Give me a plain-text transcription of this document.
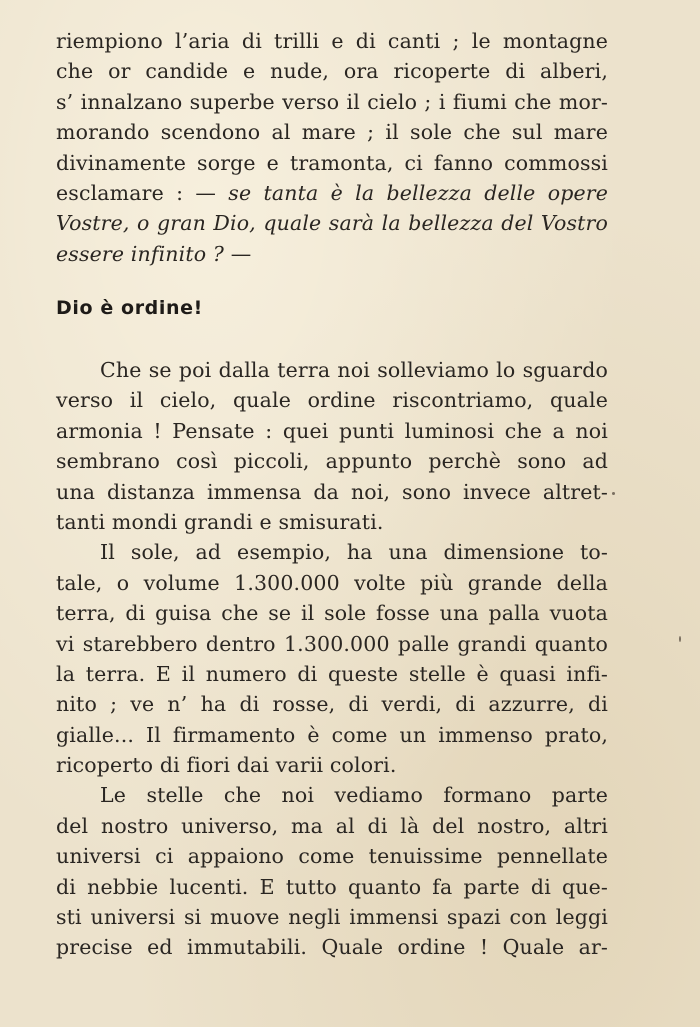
riempiono l’aria di trilli e di canti ; le montagne
che or candide e nude, ora ricoperte di alberi,
s’ innalzano superbe verso il cielo ; i fiumi che mor-
morando scendono al mare ; il sole che sul mare
divinamente sorge e tramonta, ci fanno commossi
esclamare : — se tanta è la bellezza delle opere
Vostre, o gran Dio, quale sarà la bellezza del Vostro
essere infinito ? —
Dio è ordine!
Che se poi dalla terra noi solleviamo lo sguardo
verso il cielo, quale ordine riscontriamo, quale
armonia ! Pensate : quei punti luminosi che a noi
sembrano così piccoli, appunto perchè sono ad
una distanza immensa da noi, sono invece altret-
tanti mondi grandi e smisurati.
Il sole, ad esempio, ha una dimensione to-
tale, o volume 1.300.000 volte più grande della
terra, di guisa che se il sole fosse una palla vuota
vi starebbero dentro 1.300.000 palle grandi quanto
la terra. E il numero di queste stelle è quasi infi-
nito ; ve n’ ha di rosse, di verdi, di azzurre, di
gialle... Il firmamento è come un immenso prato,
ricoperto di fiori dai varii colori.
Le stelle che noi vediamo formano parte
del nostro universo, ma al di là del nostro, altri
universi ci appaiono come tenuissime pennellate
di nebbie lucenti. E tutto quanto fa parte di que-
sti universi si muove negli immensi spazi con leggi
precise ed immutabili. Quale ordine ! Quale ar-
